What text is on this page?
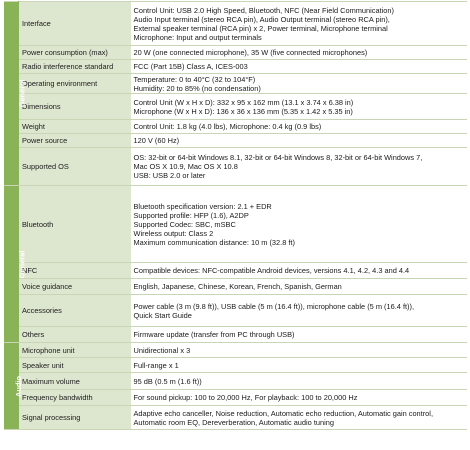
General	Interface	Control Unit: USB 2.0 High Speed, Bluetooth, NFC (Near Field Communication)
Audio Input terminal (stereo RCA pin), Audio Output terminal (stereo RCA pin),
External speaker terminal (RCA pin) x 2, Power terminal, Microphone terminal
Microphone: Input and output terminals

	Power consumption (max)	20 W (one connected microphone), 35 W (five connected microphones)

	Radio interference standard	FCC (Part 15B) Class A, ICES-003

	Operating environment	Temperature: 0 to 40°C (32 to 104°F)
Humidity: 20 to 85% (no condensation)

	Dimensions	Control Unit (W x H x D): 332 x 95 x 162 mm (13.1 x 3.74 x 6.38 in)
Microphone (W x H x D): 136 x 36 x 136 mm (5.35 x 1.42 x 5.35 in)

	Weight	Control Unit: 1.8 kg (4.0 lbs), Microphone: 0.4 kg (0.9 lbs)

	Power source	120 V (60 Hz)

	Supported OS	OS: 32-bit or 64-bit Windows 8.1, 32-bit or 64-bit Windows 8, 32-bit or 64-bit Windows 7,
Mac OS X 10.9, Mac OS X 10.8
USB: USB 2.0 or later

General	Bluetooth	Bluetooth specification version: 2.1 + EDR
Supported profile: HFP (1.6), A2DP
Supported Codec: SBC, mSBC
Wireless output: Class 2
Maximum communication distance: 10 m (32.8 ft)

	NFC	Compatible devices: NFC-compatible Android devices, versions 4.1, 4.2, 4.3 and 4.4

	Voice guidance	English, Japanese, Chinese, Korean, French, Spanish, German

	Accessories	Power cable (3 m (9.8 ft)), USB cable (5 m (16.4 ft)), microphone cable (5 m (16.4 ft)),
Quick Start Guide

	Others	Firmware update (transfer from PC through USB)

Audio	Microphone unit	Unidirectional x 3

	Speaker unit	Full-range x 1

	Maximum volume	95 dB (0.5 m (1.6 ft))

	Frequency bandwidth	For sound pickup: 100 to 20,000 Hz, For playback: 100 to 20,000 Hz

	Signal processing	Adaptive echo canceller, Noise reduction, Automatic echo reduction, Automatic gain control,
Automatic room EQ, Dereverberation, Automatic audio tuning
